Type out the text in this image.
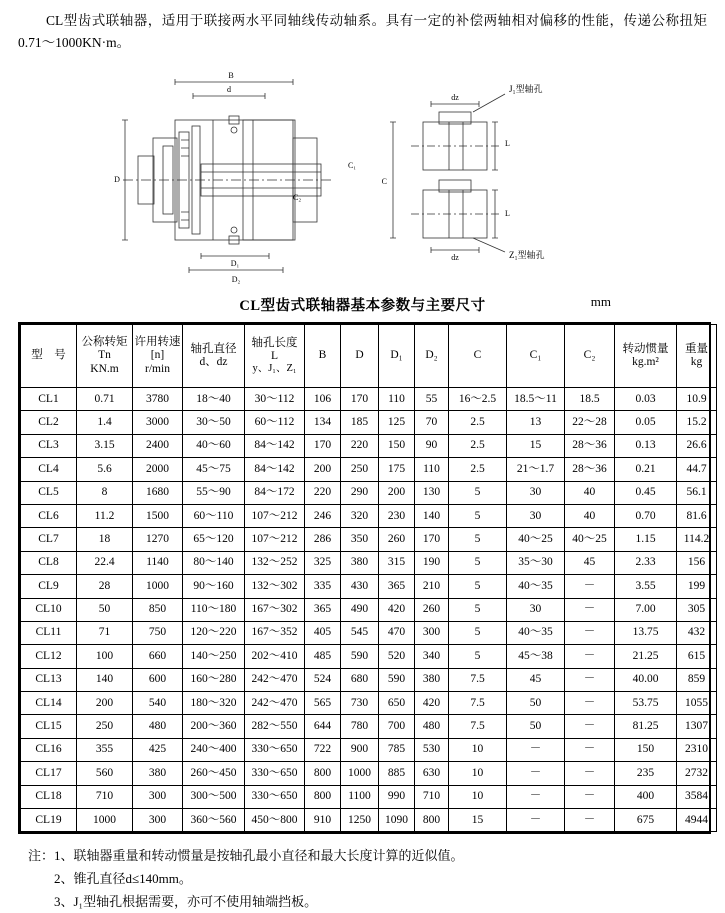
CL型齿式联轴器，适用于联接两水平同轴线传动轴系。具有一定的补偿两轴相对偏移的性能，传递公称扭矩0.71～1000KN·m。
B
d
D
D₁
D₂
C
dz
dz
L
L
C₁
C₂
J₁型轴孔
Z₁型轴孔
CL型齿式联轴器基本参数与主要尺寸	mm
型　号	公称转矩
Tn
KN.m	许用转速
[n]
r/min	轴孔直径
d、dz	轴孔长度
L
y、J₁、Z₁	B	D	D₁	D₂	C	C₁	C₂	转动惯量
kg.m²	重量
kg

CL1	0.71	3780	18～40	30～112	106	170	110	55	16～2.5	18.5～11	18.5	0.03	10.9
CL2	1.4	3000	30～50	60～112	134	185	125	70	2.5	13	22～28	0.05	15.2
CL3	3.15	2400	40～60	84～142	170	220	150	90	2.5	15	28～36	0.13	26.6
CL4	5.6	2000	45～75	84～142	200	250	175	110	2.5	21～1.7	28～36	0.21	44.7
CL5	8	1680	55～90	84～172	220	290	200	130	5	30	40	0.45	56.1
CL6	11.2	1500	60～110	107～212	246	320	230	140	5	30	40	0.70	81.6
CL7	18	1270	65～120	107～212	286	350	260	170	5	40～25	40～25	1.15	114.2
CL8	22.4	1140	80～140	132～252	325	380	315	190	5	35～30	45	2.33	156
CL9	28	1000	90～160	132～302	335	430	365	210	5	40～35	－	3.55	199
CL10	50	850	110～180	167～302	365	490	420	260	5	30	－	7.00	305
CL11	71	750	120～220	167～352	405	545	470	300	5	40～35	－	13.75	432
CL12	100	660	140～250	202～410	485	590	520	340	5	45～38	－	21.25	615
CL13	140	600	160～280	242～470	524	680	590	380	7.5	45	－	40.00	859
CL14	200	540	180～320	242～470	565	730	650	420	7.5	50	－	53.75	1055
CL15	250	480	200～360	282～550	644	780	700	480	7.5	50	－	81.25	1307
CL16	355	425	240～400	330～650	722	900	785	530	10	－	－	150	2310
CL17	560	380	260～450	330～650	800	1000	885	630	10	－	－	235	2732
CL18	710	300	300～500	330～650	800	1100	990	710	10	－	－	400	3584
CL19	1000	300	360～560	450～800	910	1250	1090	800	15	－	－	675	4944
注：1、联轴器重量和转动惯量是按轴孔最小直径和最大长度计算的近似值。
2、锥孔直径d≤140mm。
3、J₁型轴孔根据需要，亦可不使用轴端挡板。
